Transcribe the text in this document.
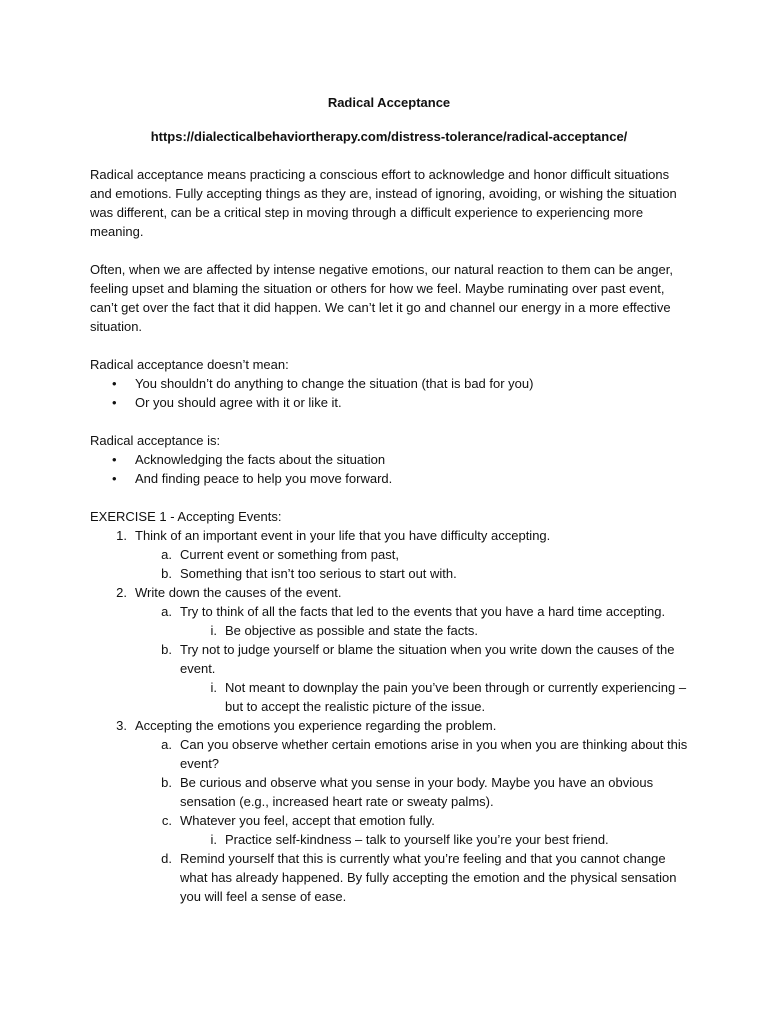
Radical Acceptance
https://dialecticalbehaviortherapy.com/distress-tolerance/radical-acceptance/

Radical acceptance means practicing a conscious effort to acknowledge and honor difficult situations and emotions. Fully accepting things as they are, instead of ignoring, avoiding, or wishing the situation was different, can be a critical step in moving through a difficult experience to experiencing more meaning.

Often, when we are affected by intense negative emotions, our natural reaction to them can be anger, feeling upset and blaming the situation or others for how we feel. Maybe ruminating over past event, can’t get over the fact that it did happen. We can’t let it go and channel our energy in a more effective situation.

Radical acceptance doesn’t mean:
• You shouldn’t do anything to change the situation (that is bad for you)
• Or you should agree with it or like it.
Radical acceptance is:
• Acknowledging the facts about the situation
• And finding peace to help you move forward.
EXERCISE 1 - Accepting Events:
1. Think of an important event in your life that you have difficulty accepting.
a. Current event or something from past,
b. Something that isn’t too serious to start out with.
2. Write down the causes of the event.
a. Try to think of all the facts that led to the events that you have a hard time accepting.
i. Be objective as possible and state the facts.
b. Try not to judge yourself or blame the situation when you write down the causes of the event.
i. Not meant to downplay the pain you’ve been through or currently experiencing – but to accept the realistic picture of the issue.
3. Accepting the emotions you experience regarding the problem.
a. Can you observe whether certain emotions arise in you when you are thinking about this event?
b. Be curious and observe what you sense in your body. Maybe you have an obvious sensation (e.g., increased heart rate or sweaty palms).
c. Whatever you feel, accept that emotion fully.
i. Practice self-kindness – talk to yourself like you’re your best friend.
d. Remind yourself that this is currently what you’re feeling and that you cannot change what has already happened. By fully accepting the emotion and the physical sensation you will feel a sense of ease.
